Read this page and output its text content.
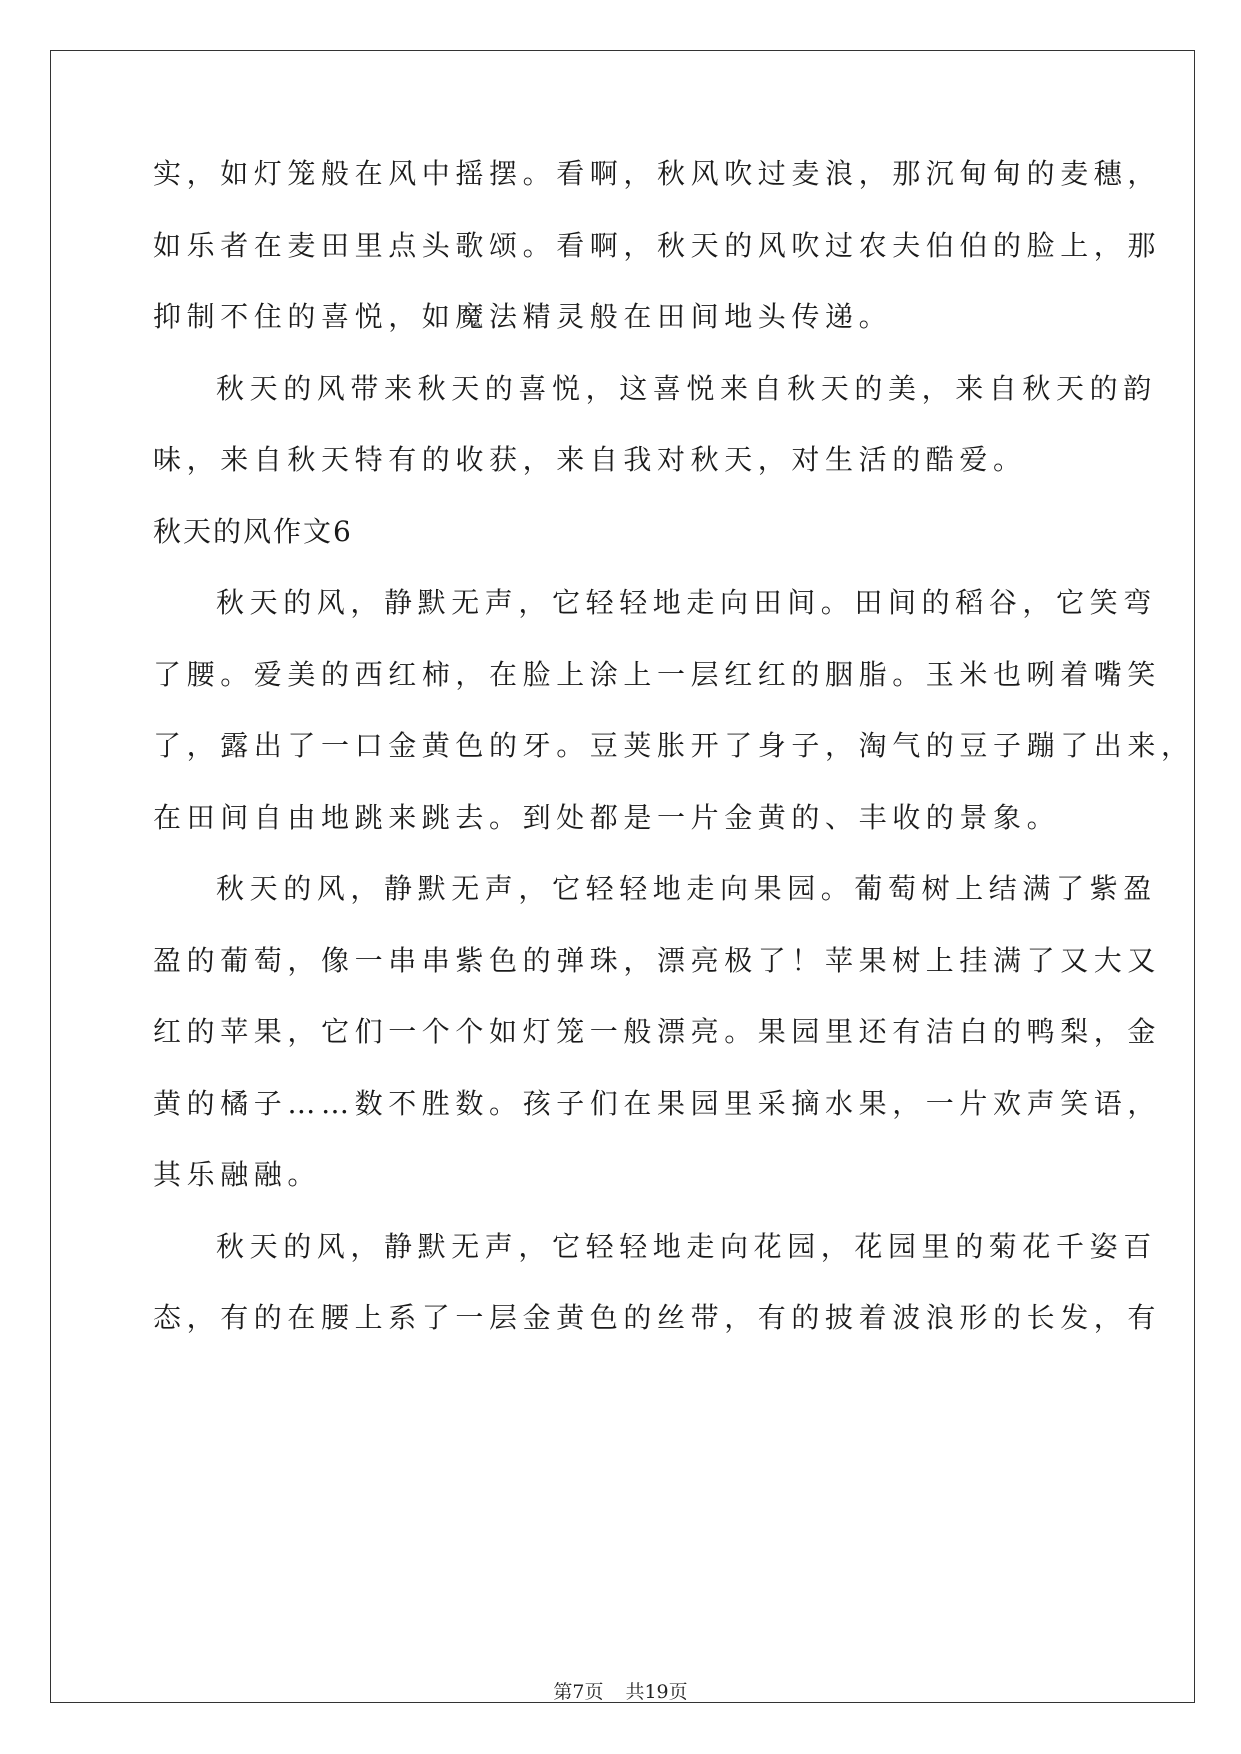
实，如灯笼般在风中摇摆。看啊，秋风吹过麦浪，那沉甸甸的麦穗，
如乐者在麦田里点头歌颂。看啊，秋天的风吹过农夫伯伯的脸上，那
抑制不住的喜悦，如魔法精灵般在田间地头传递。
秋天的风带来秋天的喜悦，这喜悦来自秋天的美，来自秋天的韵
味，来自秋天特有的收获，来自我对秋天，对生活的酷爱。
秋天的风作文6
秋天的风，静默无声，它轻轻地走向田间。田间的稻谷，它笑弯
了腰。爱美的西红柿，在脸上涂上一层红红的胭脂。玉米也咧着嘴笑
了，露出了一口金黄色的牙。豆荚胀开了身子，淘气的豆子蹦了出来，
在田间自由地跳来跳去。到处都是一片金黄的、丰收的景象。
秋天的风，静默无声，它轻轻地走向果园。葡萄树上结满了紫盈
盈的葡萄，像一串串紫色的弹珠，漂亮极了！苹果树上挂满了又大又
红的苹果，它们一个个如灯笼一般漂亮。果园里还有洁白的鸭梨，金
黄的橘子……数不胜数。孩子们在果园里采摘水果，一片欢声笑语，
其乐融融。
秋天的风，静默无声，它轻轻地走向花园，花园里的菊花千姿百
态，有的在腰上系了一层金黄色的丝带，有的披着波浪形的长发，有
第7页 共19页
